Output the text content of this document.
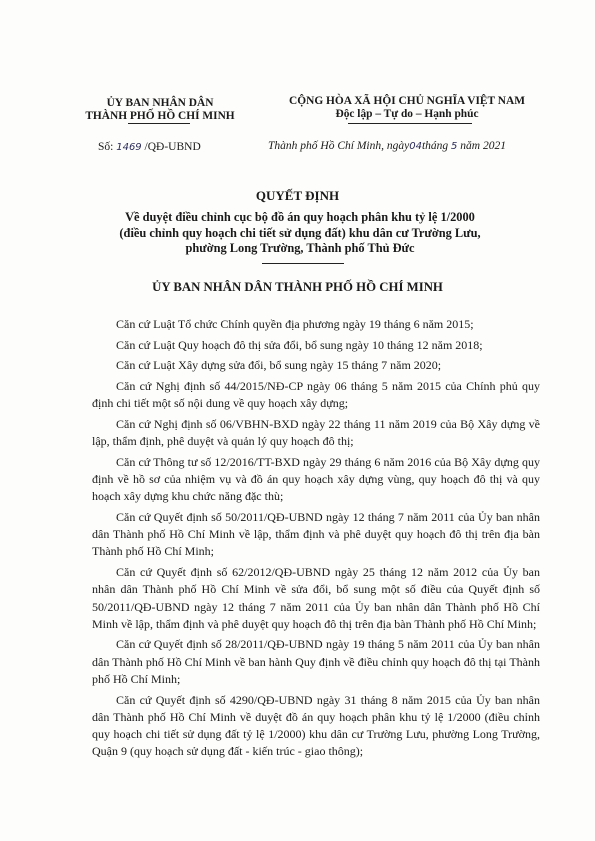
ỦY BAN NHÂN DÂN
THÀNH PHỐ HỒ CHÍ MINH
CỘNG HÒA XÃ HỘI CHỦ NGHĨA VIỆT NAM
Độc lập – Tự do – Hạnh phúc
Số: 1469 /QĐ-UBND	Thành phố Hồ Chí Minh, ngày04tháng 5 năm 2021
QUYẾT ĐỊNH
Về duyệt điều chỉnh cục bộ đồ án quy hoạch phân khu tỷ lệ 1/2000
(điều chỉnh quy hoạch chi tiết sử dụng đất) khu dân cư Trường Lưu,
phường Long Trường, Thành phố Thủ Đức
ỦY BAN NHÂN DÂN THÀNH PHỐ HỒ CHÍ MINH

Căn cứ Luật Tổ chức Chính quyền địa phương ngày 19 tháng 6 năm 2015;

Căn cứ Luật Quy hoạch đô thị sửa đổi, bổ sung ngày 10 tháng 12 năm 2018;

Căn cứ Luật Xây dựng sửa đổi, bổ sung ngày 15 tháng 7 năm 2020;

Căn cứ Nghị định số 44/2015/NĐ-CP ngày 06 tháng 5 năm 2015 của Chính phủ quy định chi tiết một số nội dung về quy hoạch xây dựng;

Căn cứ Nghị định số 06/VBHN-BXD ngày 22 tháng 11 năm 2019 của Bộ Xây dựng về lập, thẩm định, phê duyệt và quản lý quy hoạch đô thị;

Căn cứ Thông tư số 12/2016/TT-BXD ngày 29 tháng 6 năm 2016 của Bộ Xây dựng quy định về hồ sơ của nhiệm vụ và đồ án quy hoạch xây dựng vùng, quy hoạch đô thị và quy hoạch xây dựng khu chức năng đặc thù;

Căn cứ Quyết định số 50/2011/QĐ-UBND ngày 12 tháng 7 năm 2011 của Ủy ban nhân dân Thành phố Hồ Chí Minh về lập, thẩm định và phê duyệt quy hoạch đô thị trên địa bàn Thành phố Hồ Chí Minh;

Căn cứ Quyết định số 62/2012/QĐ-UBND ngày 25 tháng 12 năm 2012 của Ủy ban nhân dân Thành phố Hồ Chí Minh về sửa đổi, bổ sung một số điều của Quyết định số 50/2011/QĐ-UBND ngày 12 tháng 7 năm 2011 của Ủy ban nhân dân Thành phố Hồ Chí Minh về lập, thẩm định và phê duyệt quy hoạch đô thị trên địa bàn Thành phố Hồ Chí Minh;

Căn cứ Quyết định số 28/2011/QĐ-UBND ngày 19 tháng 5 năm 2011 của Ủy ban nhân dân Thành phố Hồ Chí Minh về ban hành Quy định về điều chỉnh quy hoạch đô thị tại Thành phố Hồ Chí Minh;

Căn cứ Quyết định số 4290/QĐ-UBND ngày 31 tháng 8 năm 2015 của Ủy ban nhân dân Thành phố Hồ Chí Minh về duyệt đồ án quy hoạch phân khu tỷ lệ 1/2000 (điều chỉnh quy hoạch chi tiết sử dụng đất tỷ lệ 1/2000) khu dân cư Trường Lưu, phường Long Trường, Quận 9 (quy hoạch sử dụng đất - kiến trúc - giao thông);
